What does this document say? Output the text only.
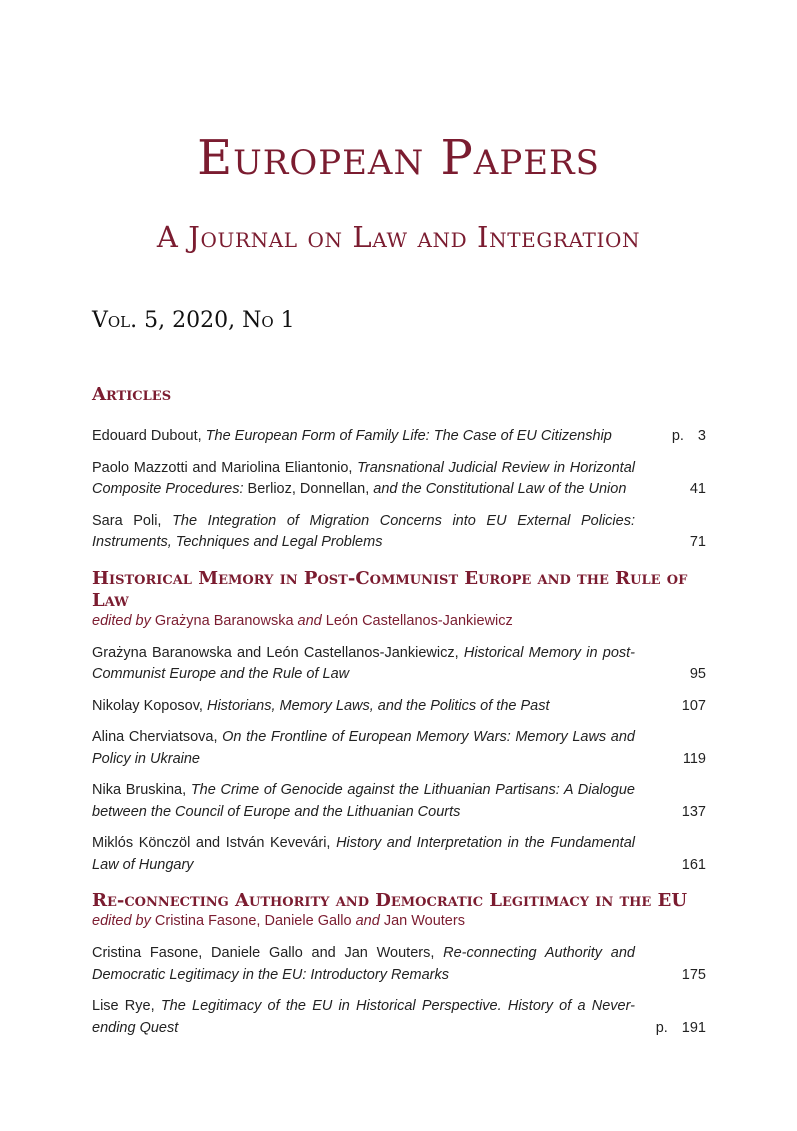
European Papers
A Journal on Law and Integration
Vol. 5, 2020, No 1
Articles
Edouard Dubout, The European Form of Family Life: The Case of EU Citizenship	p. 3
Paolo Mazzotti and Mariolina Eliantonio, Transnational Judicial Review in Horizontal Composite Procedures: Berlioz, Donnellan, and the Constitutional Law of the Union	41
Sara Poli, The Integration of Migration Concerns into EU External Policies: Instruments, Techniques and Legal Problems	71
Historical Memory in Post-Communist Europe and the Rule of Law
edited by Grażyna Baranowska and León Castellanos-Jankiewicz
Grażyna Baranowska and León Castellanos-Jankiewicz, Historical Memory in post-Communist Europe and the Rule of Law	95
Nikolay Koposov, Historians, Memory Laws, and the Politics of the Past	107
Alina Cherviatsova, On the Frontline of European Memory Wars: Memory Laws and Policy in Ukraine	119
Nika Bruskina, The Crime of Genocide against the Lithuanian Partisans: A Dialogue between the Council of Europe and the Lithuanian Courts	137
Miklós Könczöl and István Kevevári, History and Interpretation in the Fundamental Law of Hungary	161
Re-connecting Authority and Democratic Legitimacy in the EU
edited by Cristina Fasone, Daniele Gallo and Jan Wouters
Cristina Fasone, Daniele Gallo and Jan Wouters, Re-connecting Authority and Democratic Legitimacy in the EU: Introductory Remarks	175
Lise Rye, The Legitimacy of the EU in Historical Perspective. History of a Never-ending Quest	p. 191
